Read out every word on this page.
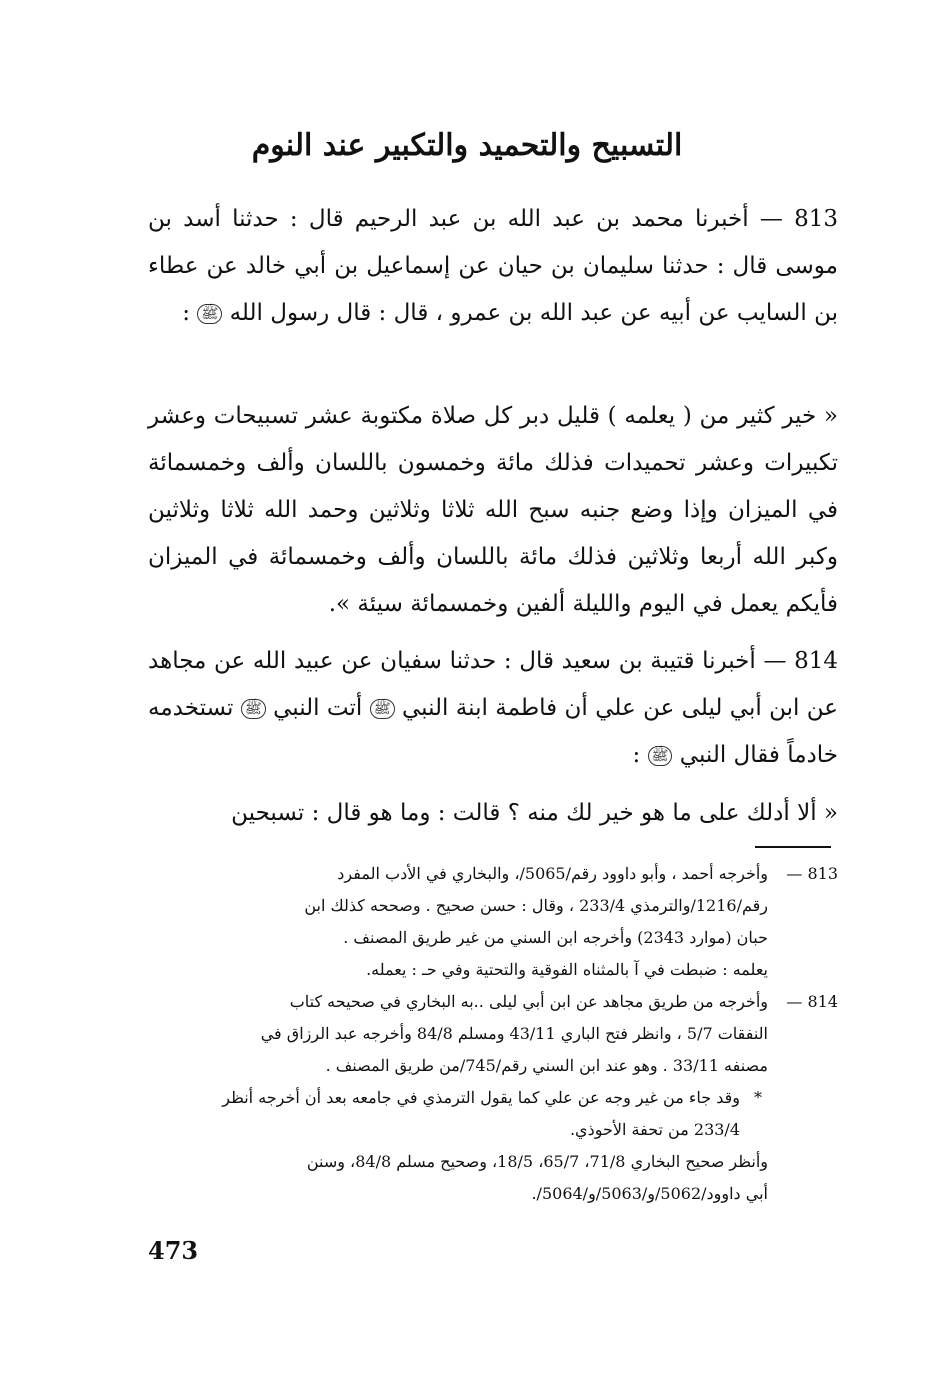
التسبيح والتحميد والتكبير عند النوم
813 — أخبرنا محمد بن عبد الله بن عبد الرحيم قال : حدثنا أسد بن موسى قال : حدثنا سليمان بن حيان عن إسماعيل بن أبي خالد عن عطاء بن السايب عن أبيه عن عبد الله بن عمرو ، قال : قال رسول الله ﷺ :
« خير كثير من ( يعلمه ) قليل دبر كل صلاة مكتوبة عشر تسبيحات وعشر تكبيرات وعشر تحميدات فذلك مائة وخمسون باللسان وألف وخمسمائة في الميزان وإذا وضع جنبه سبح الله ثلاثا وثلاثين وحمد الله ثلاثا وثلاثين وكبر الله أربعا وثلاثين فذلك مائة باللسان وألف وخمسمائة في الميزان فأيكم يعمل في اليوم والليلة ألفين وخمسمائة سيئة ».
814 — أخبرنا قتيبة بن سعيد قال : حدثنا سفيان عن عبيد الله عن مجاهد عن ابن أبي ليلى عن علي أن فاطمة ابنة النبي ﷺ أتت النبي ﷺ تستخدمه خادماً فقال النبي ﷺ :
« ألا أدلك على ما هو خير لك منه ؟ قالت : وما هو قال : تسبحين
813 —
وأخرجه أحمد ، وأبو داوود رقم/5065/، والبخاري في الأدب المفرد
رقم/1216/والترمذي 233/4 ، وقال : حسن صحيح . وصححه كذلك ابن
حبان (موارد 2343) وأخرجه ابن السني من غير طريق المصنف .
يعلمه : ضبطت في آ بالمثناه الفوقية والتحتية وفي حـ : يعمله.
814 —
وأخرجه من طريق مجاهد عن ابن أبي ليلى ..به البخاري في صحيحه كتاب
النفقات 5/7 ، وانظر فتح الباري 43/11 ومسلم 84/8 وأخرجه عبد الرزاق في
مصنفه 33/11 . وهو عند ابن السني رقم/745/من طريق المصنف .
*
وقد جاء من غير وجه عن علي كما يقول الترمذي في جامعه بعد أن أخرجه أنظر
233/4 من تحفة الأحوذي.
وأنظر صحيح البخاري 71/8، 65/7، 18/5، وصحيح مسلم 84/8، وسنن
أبي داوود/5062/و/5063/و/5064/.
473
